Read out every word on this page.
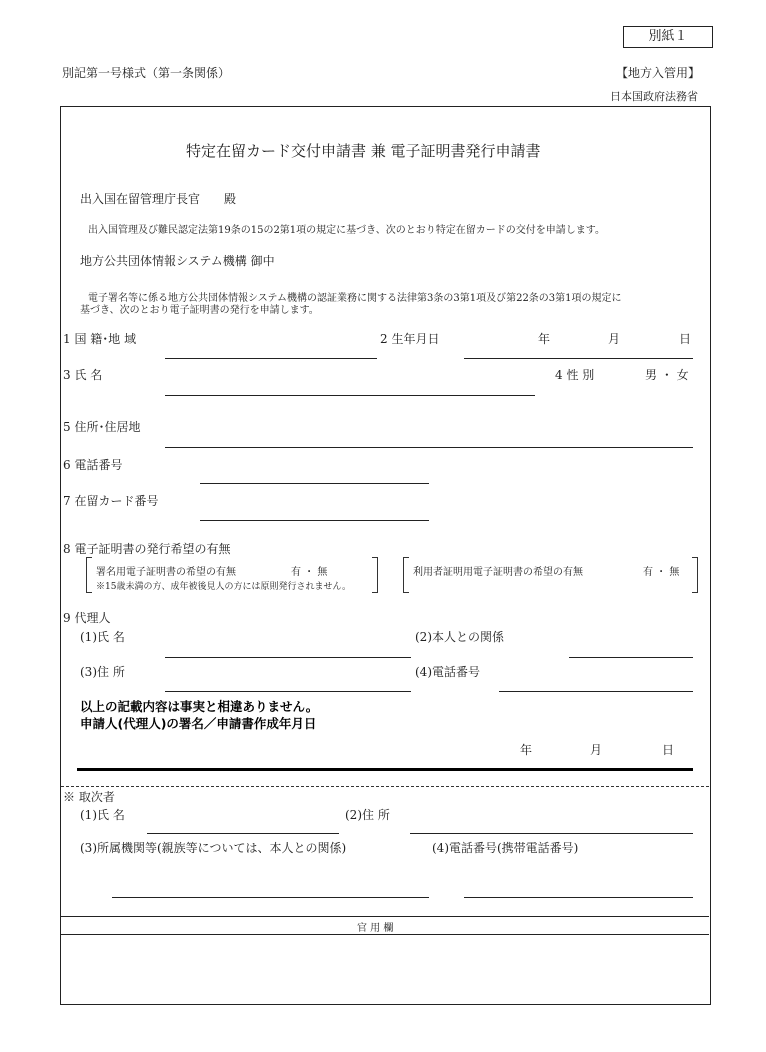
別紙１
別記第一号様式（第一条関係）	【地方入管用】
日本国政府法務省
特定在留カード交付申請書 兼 電子証明書発行申請書
出入国在留管理庁長官　　殿
出入国管理及び難民認定法第19条の15の2第1項の規定に基づき、次のとおり特定在留カードの交付を申請します。
地方公共団体情報システム機構 御中
電子署名等に係る地方公共団体情報システム機構の認証業務に関する法律第3条の3第1項及び第22条の3第1項の規定に
基づき、次のとおり電子証明書の発行を申請します。
1 国 籍･地 域	2 生年月日	年	月	日
3 氏 名	4 性 別	男 ・ 女
5 住所･住居地
6 電話番号
7 在留カード番号
8 電子証明書の発行希望の有無
署名用電子証明書の希望の有無	有 ・ 無
※15歳未満の方、成年被後見人の方には原則発行されません。
利用者証明用電子証明書の希望の有無	有 ・ 無
9 代理人
(1)氏 名	(2)本人との関係
(3)住 所	(4)電話番号
以上の記載内容は事実と相違ありません。
申請人(代理人)の署名／申請書作成年月日
年	月	日
※ 取次者
(1)氏 名	(2)住 所
(3)所属機関等(親族等については、本人との関係)	(4)電話番号(携帯電話番号)
官 用 欄
